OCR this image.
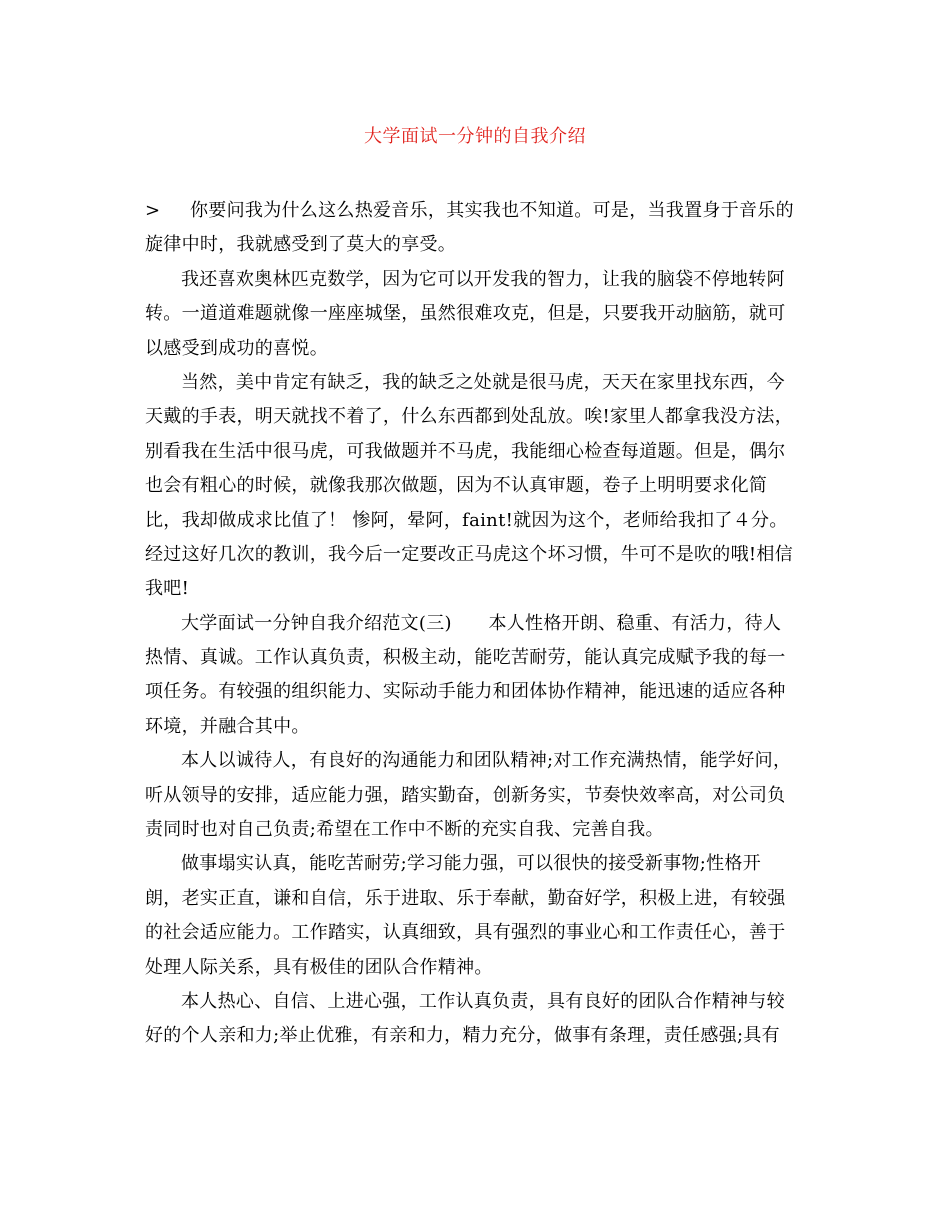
大学面试一分钟的自我介绍
> 你要问我为什么这么热爱音乐，其实我也不知道。可是，当我置身于音乐的
旋律中时，我就感受到了莫大的享受。
我还喜欢奥林匹克数学，因为它可以开发我的智力，让我的脑袋不停地转阿
转。一道道难题就像一座座城堡，虽然很难攻克，但是，只要我开动脑筋，就可
以感受到成功的喜悦。
当然，美中肯定有缺乏，我的缺乏之处就是很马虎，天天在家里找东西，今
天戴的手表，明天就找不着了，什么东西都到处乱放。唉!家里人都拿我没方法，
别看我在生活中很马虎，可我做题并不马虎，我能细心检查每道题。但是，偶尔
也会有粗心的时候，就像我那次做题，因为不认真审题，卷子上明明要求化简
比，我却做成求比值了！ 惨阿，晕阿，faint!就因为这个，老师给我扣了４分。
经过这好几次的教训，我今后一定要改正马虎这个坏习惯，牛可不是吹的哦!相信
我吧!
大学面试一分钟自我介绍范文(三)　　本人性格开朗、稳重、有活力，待人
热情、真诚。工作认真负责，积极主动，能吃苦耐劳，能认真完成赋予我的每一
项任务。有较强的组织能力、实际动手能力和团体协作精神，能迅速的适应各种
环境，并融合其中。
本人以诚待人，有良好的沟通能力和团队精神;对工作充满热情，能学好问，
听从领导的安排，适应能力强，踏实勤奋，创新务实，节奏快效率高，对公司负
责同时也对自己负责;希望在工作中不断的充实自我、完善自我。
做事塌实认真，能吃苦耐劳;学习能力强，可以很快的接受新事物;性格开
朗，老实正直，谦和自信，乐于进取、乐于奉献，勤奋好学，积极上进，有较强
的社会适应能力。工作踏实，认真细致，具有强烈的事业心和工作责任心，善于
处理人际关系，具有极佳的团队合作精神。
本人热心、自信、上进心强，工作认真负责，具有良好的团队合作精神与较
好的个人亲和力;举止优雅，有亲和力，精力充分，做事有条理，责任感强;具有
